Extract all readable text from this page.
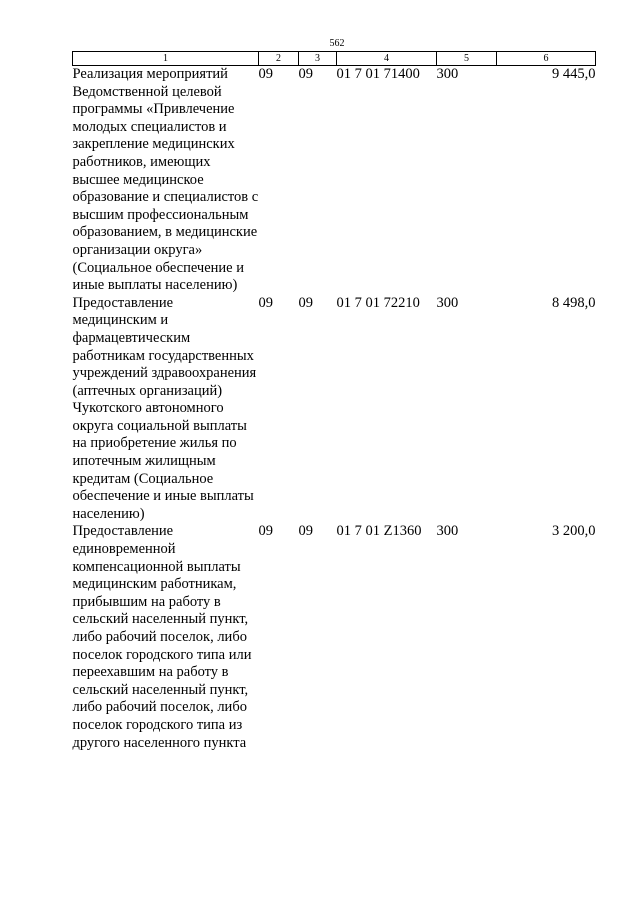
562
1	2	3	4	5	6
Реализация мероприятий Ведомственной целевой программы «Привлечение молодых специалистов и закрепление медицинских работников, имеющих высшее медицинское образование и специалистов с высшим профессиональным образованием, в медицинские организации округа» (Социальное обеспечение и иные выплаты населению)	09	09	01 7 01 71400	300	9 445,0
Предоставление медицинским и фармацевтическим работникам государственных учреждений здравоохранения (аптечных организаций) Чукотского автономного округа социальной выплаты на приобретение жилья по ипотечным жилищным кредитам (Социальное обеспечение и иные выплаты населению)	09	09	01 7 01 72210	300	8 498,0
Предоставление единовременной компенсационной выплаты медицинским работникам, прибывшим на работу в сельский населенный пункт, либо рабочий поселок, либо поселок городского типа или переехавшим на работу в сельский населенный пункт, либо рабочий поселок, либо поселок городского типа из другого населенного пункта	09	09	01 7 01 Z1360	300	3 200,0
